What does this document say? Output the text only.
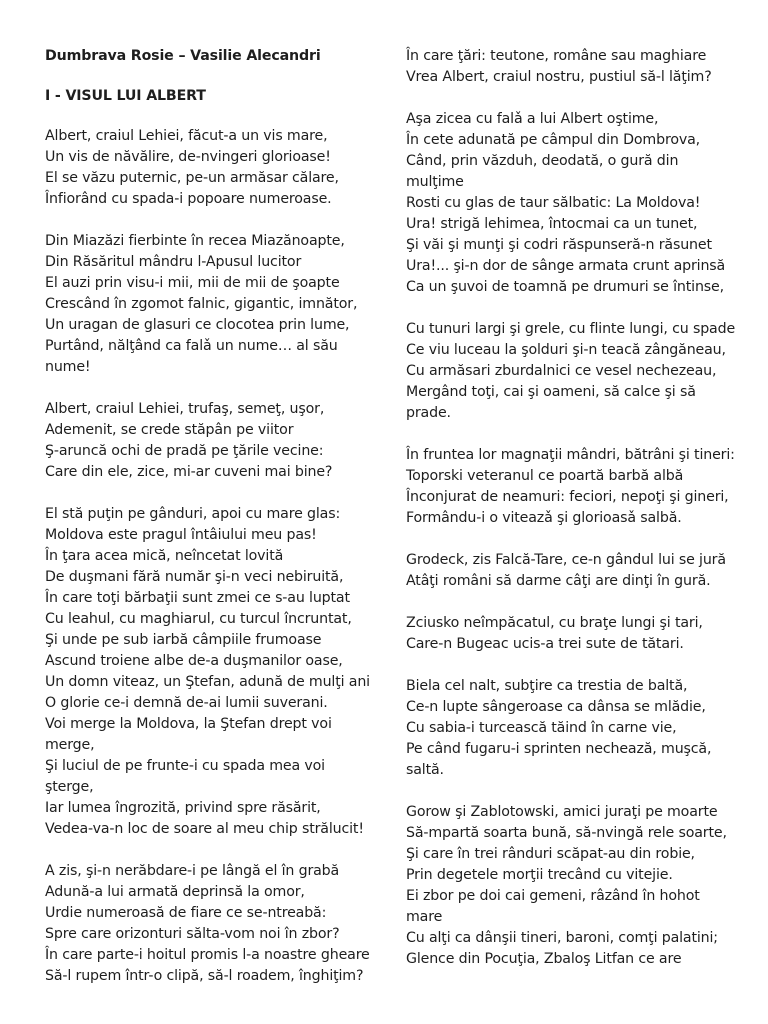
Dumbrava Rosie – Vasilie Alecandri
I - VISUL LUI ALBERT
Albert, craiul Lehiei, făcut-a un vis mare,
Un vis de năvălire, de-nvingeri glorioase!
El se văzu puternic, pe-un armăsar călare,
Înfiorând cu spada-i popoare numeroase.
Din Miazăzi fierbinte în recea Miazănoapte,
Din Răsăritul mândru l-Apusul lucitor
El auzi prin visu-i mii, mii de mii de şoapte
Crescând în zgomot falnic, gigantic, imnător,
Un uragan de glasuri ce clocotea prin lume,
Purtând, nălţând ca falǎ un nume… al său nume!
Albert, craiul Lehiei, trufaş, semeţ, uşor,
Ademenit, se crede stăpân pe viitor
Ş-aruncă ochi de pradă pe ţările vecine:
Care din ele, zice, mi-ar cuveni mai bine?
El stă puţin pe gânduri, apoi cu mare glas:
Moldova este pragul întâiului meu pas!
În ţara acea mică, neîncetat lovită
De duşmani fără număr şi-n veci nebiruită,
În care toţi bărbaţii sunt zmei ce s-au luptat
Cu leahul, cu maghiarul, cu turcul încruntat,
Şi unde pe sub iarbă câmpiile frumoase
Ascund troiene albe de-a duşmanilor oase,
Un domn viteaz, un Ştefan, adună de mulţi ani
O glorie ce-i demnă de-ai lumii suverani.
Voi merge la Moldova, la Ştefan drept voi merge,
Şi luciul de pe frunte-i cu spada mea voi şterge,
Iar lumea îngrozită, privind spre răsărit,
Vedea-va-n loc de soare al meu chip strălucit!
A zis, şi-n nerăbdare-i pe lângă el în grabă
Adună-a lui armată deprinsă la omor,
Urdie numeroasă de fiare ce se-ntreabă:
Spre care orizonturi sălta-vom noi în zbor?
În care parte-i hoitul promis l-a noastre gheare
Să-l rupem într-o clipă, să-l roadem, înghiţim?
În care ţări: teutone, române sau maghiare
Vrea Albert, craiul nostru, pustiul să-l lăţim?
Aşa zicea cu falǎ a lui Albert oştime,
În cete adunată pe câmpul din Dombrova,
Când, prin văzduh, deodată, o gură din mulţime
Rosti cu glas de taur sălbatic: La Moldova!
Ura! strigă lehimea, întocmai ca un tunet,
Şi văi şi munţi şi codri răspunseră-n răsunet
Ura!... şi-n dor de sânge armata crunt aprinsă
Ca un şuvoi de toamnă pe drumuri se întinse,
Cu tunuri largi şi grele, cu flinte lungi, cu spade
Ce viu luceau la şolduri şi-n teacă zângăneau,
Cu armăsari zburdalnici ce vesel nechezeau,
Mergând toţi, cai şi oameni, să calce şi să prade.
În fruntea lor magnaţii mândri, bătrâni şi tineri:
Toporski veteranul ce poartă barbă albă
Înconjurat de neamuri: feciori, nepoţi şi gineri,
Formându-i o viteazǎ şi glorioasǎ salbă.
Grodeck, zis Falcă-Tare, ce-n gândul lui se jură
Atâţi români să darme câţi are dinţi în gură.
Zciusko neîmpăcatul, cu braţe lungi şi tari,
Care-n Bugeac ucis-a trei sute de tătari.
Biela cel nalt, subţire ca trestia de baltă,
Ce-n lupte sângeroase ca dânsa se mlădie,
Cu sabia-i turcească tăind în carne vie,
Pe când fugaru-i sprinten nechează, muşcă, saltă.
Gorow şi Zablotowski, amici juraţi pe moarte
Să-mpartă soarta bună, să-nvingă rele soarte,
Şi care în trei rânduri scăpat-au din robie,
Prin degetele morţii trecând cu vitejie.
Ei zbor pe doi cai gemeni, râzând în hohot mare
Cu alţi ca dânşii tineri, baroni, comţi palatini;
Glence din Pocuţia, Zbaloş Litfan ce are
